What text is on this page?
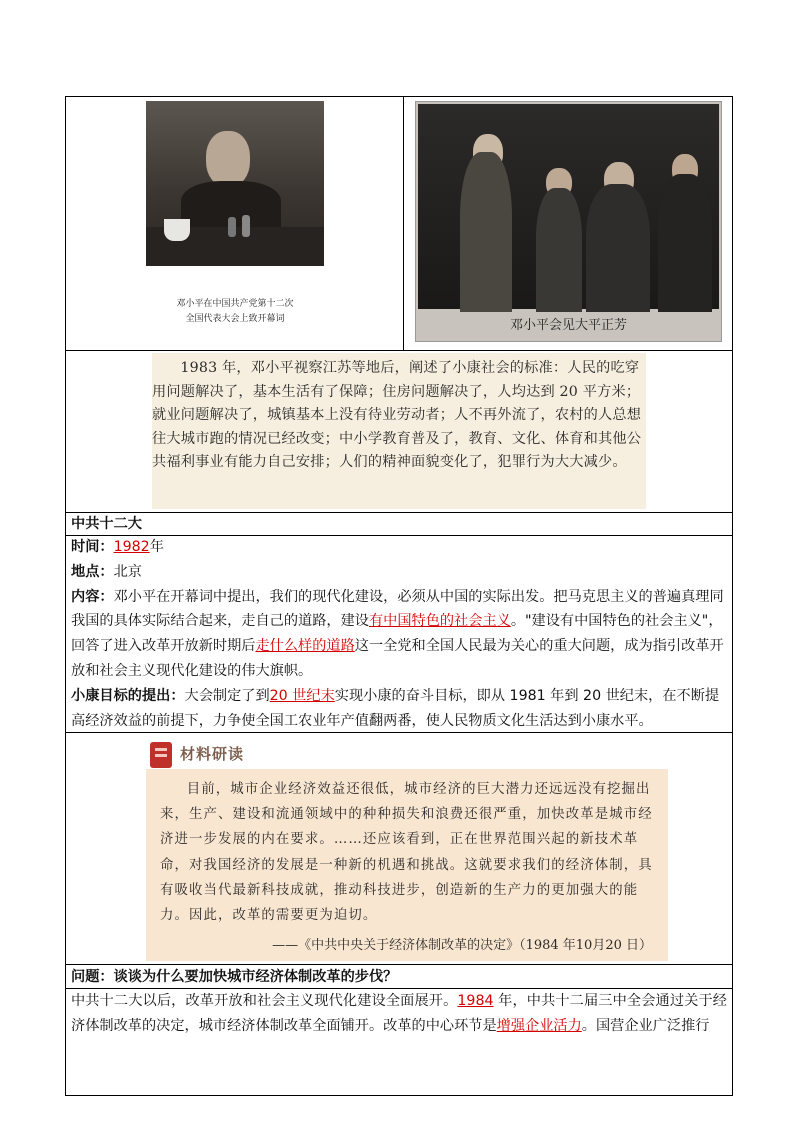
邓小平在中国共产党第十二次
全国代表大会上致开幕词	邓小平会见大平正芳

1983 年，邓小平视察江苏等地后，阐述了小康社会的标准：人民的吃穿用问题解决了，基本生活有了保障；住房问题解决了，人均达到 20 平方米；就业问题解决了，城镇基本上没有待业劳动者；人不再外流了，农村的人总想往大城市跑的情况已经改变；中小学教育普及了，教育、文化、体育和其他公共福利事业有能力自己安排；人们的精神面貌变化了，犯罪行为大大减少。

中共十二大

时间：1982年

地点：北京

内容：邓小平在开幕词中提出，我们的现代化建设，必须从中国的实际出发。把马克思主义的普遍真理同我国的具体实际结合起来，走自己的道路，建设有中国特色的社会主义。"建设有中国特色的社会主义"，回答了进入改革开放新时期后走什么样的道路这一全党和全国人民最为关心的重大问题，成为指引改革开放和社会主义现代化建设的伟大旗帜。

小康目标的提出：大会制定了到20 世纪末实现小康的奋斗目标，即从 1981 年到 20 世纪末，在不断提高经济效益的前提下，力争使全国工农业年产值翻两番，使人民物质文化生活达到小康水平。

材料研读

目前，城市企业经济效益还很低，城市经济的巨大潜力还远远没有挖掘出来，生产、建设和流通领域中的种种损失和浪费还很严重，加快改革是城市经济进一步发展的内在要求。……还应该看到，正在世界范围兴起的新技术革命，对我国经济的发展是一种新的机遇和挑战。这就要求我们的经济体制，具有吸收当代最新科技成就，推动科技进步，创造新的生产力的更加强大的能力。因此，改革的需要更为迫切。

——《中共中央关于经济体制改革的决定》（1984 年10月20 日）
问题：谈谈为什么要加快城市经济体制改革的步伐？

中共十二大以后，改革开放和社会主义现代化建设全面展开。1984 年，中共十二届三中全会通过关于经济体制改革的决定，城市经济体制改革全面铺开。改革的中心环节是增强企业活力。国营企业广泛推行
